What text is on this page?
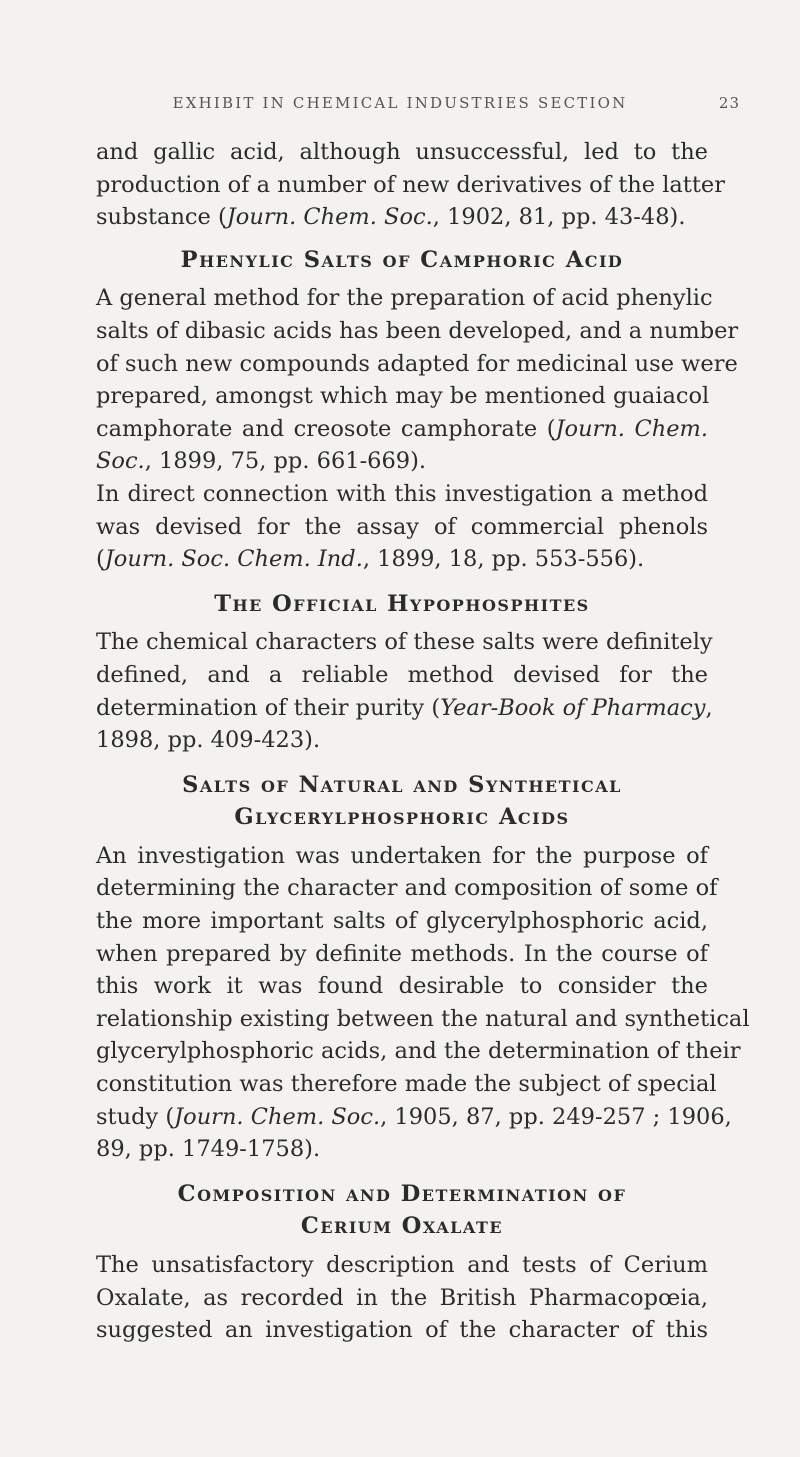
EXHIBIT IN CHEMICAL INDUSTRIES SECTION	23

and gallic acid, although unsuccessful, led to the
production of a number of new derivatives of the latter
substance (Journ. Chem. Soc., 1902, 81, pp. 43-48).

Phenylic Salts of Camphoric Acid

A general method for the preparation of acid phenylic
salts of dibasic acids has been developed, and a number
of such new compounds adapted for medicinal use were
prepared, amongst which may be mentioned guaiacol
camphorate and creosote camphorate (Journ. Chem.
Soc., 1899, 75, pp. 661-669).

In direct connection with this investigation a method
was devised for the assay of commercial phenols
(Journ. Soc. Chem. Ind., 1899, 18, pp. 553-556).

The Official Hypophosphites

The chemical characters of these salts were definitely
defined, and a reliable method devised for the
determination of their purity (Year-Book of Pharmacy,
1898, pp. 409-423).

Salts of Natural and Synthetical
Glycerylphosphoric Acids

An investigation was undertaken for the purpose of
determining the character and composition of some of
the more important salts of glycerylphosphoric acid,
when prepared by definite methods. In the course of
this work it was found desirable to consider the
relationship existing between the natural and synthetical
glycerylphosphoric acids, and the determination of their
constitution was therefore made the subject of special
study (Journ. Chem. Soc., 1905, 87, pp. 249-257 ; 1906,
89, pp. 1749-1758).

Composition and Determination of
Cerium Oxalate

The unsatisfactory description and tests of Cerium
Oxalate, as recorded in the British Pharmacopœia,
suggested an investigation of the character of this
